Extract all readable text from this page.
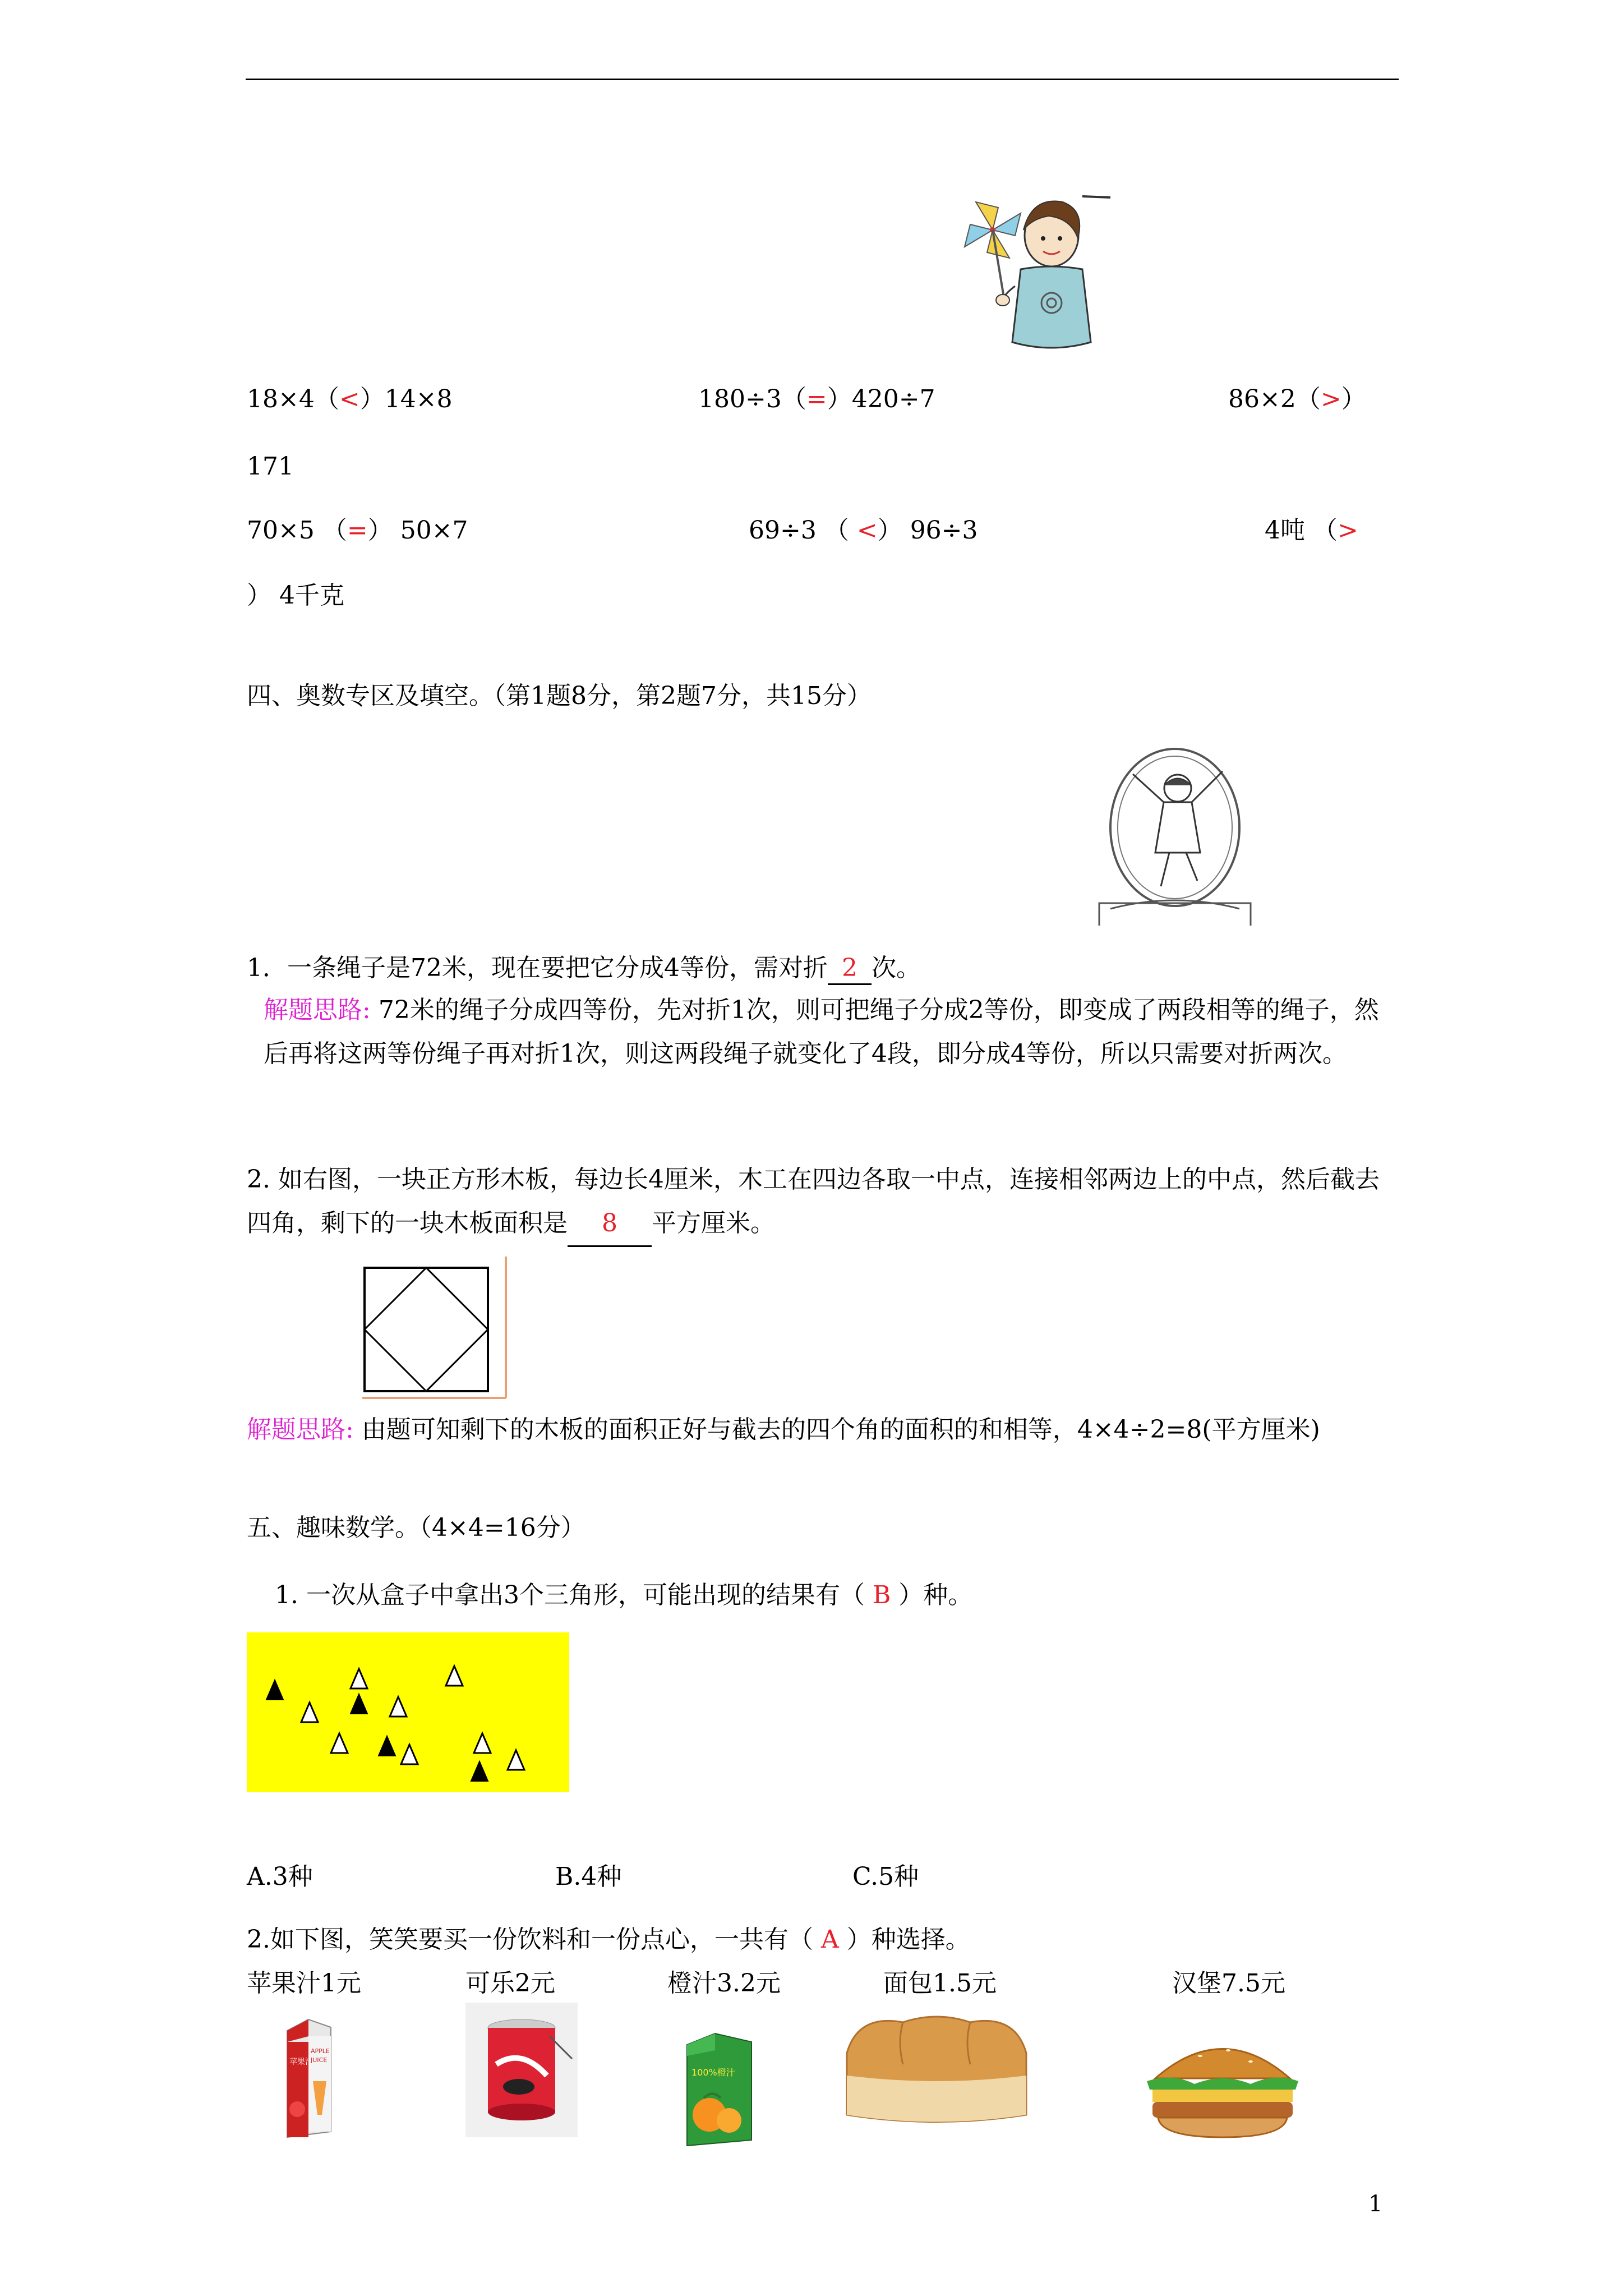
18×4（<）14×8	180÷3（=）420÷7	86×2（>）
171
70×5 （=） 50×7	69÷3 （ <） 96÷3	4吨 （>
） 4千克
四、奥数专区及填空。（第1题8分，第2题7分，共15分）
1．一条绳子是72米，现在要把它分成4等份，需对折 2 次。
解题思路: 72米的绳子分成四等份，先对折1次，则可把绳子分成2等份，即变成了两段相等的绳子，然后再将这两等份绳子再对折1次，则这两段绳子就变化了4段，即分成4等份，所以只需要对折两次。
2. 如右图，一块正方形木板，每边长4厘米，木工在四边各取一中点，连接相邻两边上的中点，然后截去四角，剩下的一块木板面积是 8 平方厘米。
解题思路: 由题可知剩下的木板的面积正好与截去的四个角的面积的和相等，4×4÷2=8(平方厘米)
五、趣味数学。（4×4=16分）
1. 一次从盒子中拿出3个三角形，可能出现的结果有（ B ）种。
A.3种	B.4种	C.5种
2.如下图，笑笑要买一份饮料和一份点心，一共有（ A ）种选择。
苹果汁1元	可乐2元	橙汁3.2元	面包1.5元	汉堡7.5元
苹果汁
APPLE
JUICE
100%橙汁
1
